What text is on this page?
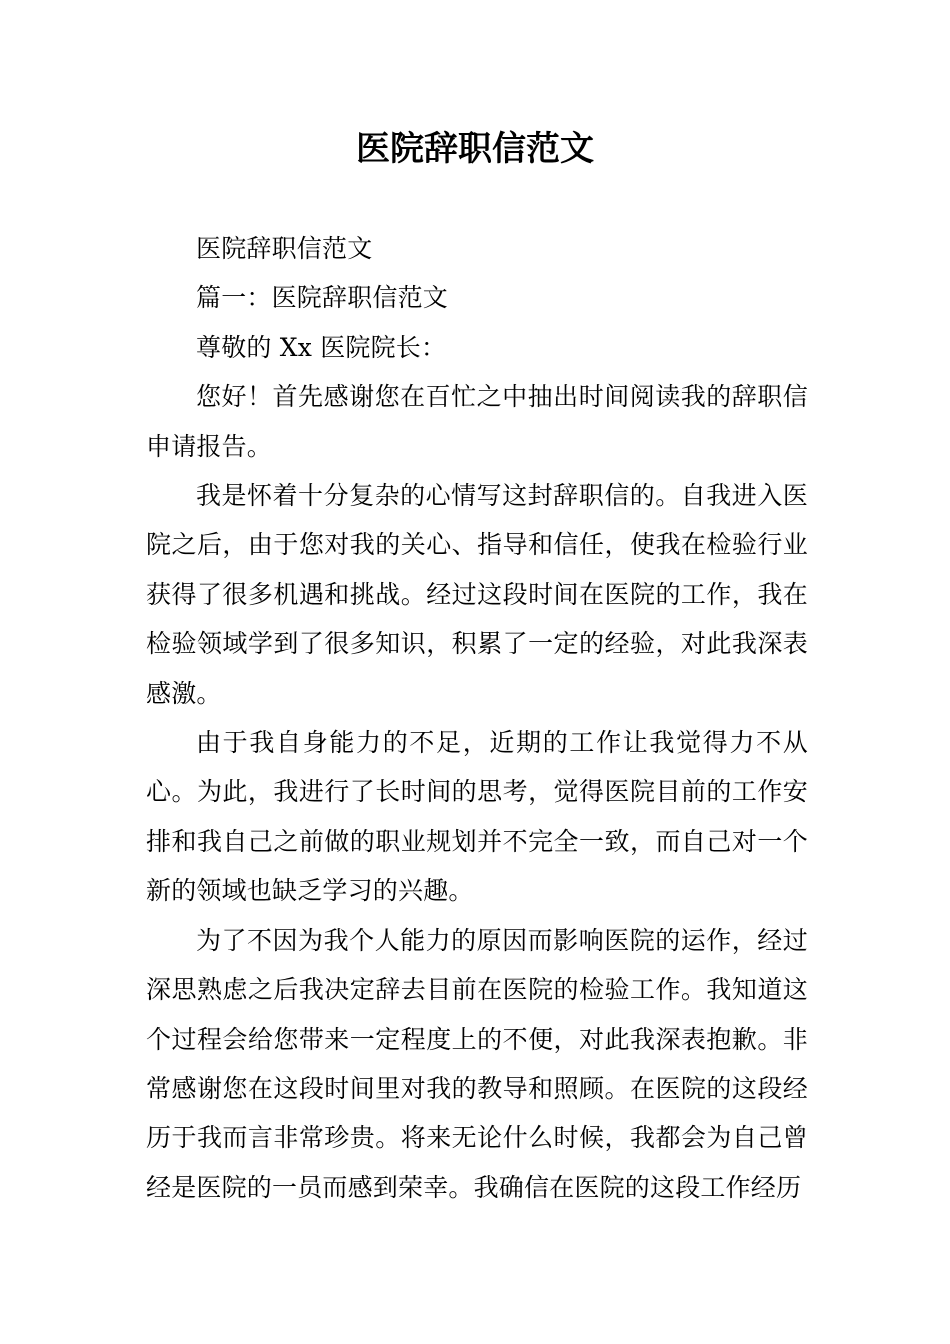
医院辞职信范文

医院辞职信范文

篇一：医院辞职信范文

尊敬的 Xx 医院院长：

您好！首先感谢您在百忙之中抽出时间阅读我的辞职信申请报告。

我是怀着十分复杂的心情写这封辞职信的。自我进入医院之后，由于您对我的关心、指导和信任，使我在检验行业获得了很多机遇和挑战。经过这段时间在医院的工作，我在检验领域学到了很多知识，积累了一定的经验，对此我深表感激。

由于我自身能力的不足，近期的工作让我觉得力不从心。为此，我进行了长时间的思考，觉得医院目前的工作安排和我自己之前做的职业规划并不完全一致，而自己对一个新的领域也缺乏学习的兴趣。

为了不因为我个人能力的原因而影响医院的运作，经过深思熟虑之后我决定辞去目前在医院的检验工作。我知道这个过程会给您带来一定程度上的不便，对此我深表抱歉。非常感谢您在这段时间里对我的教导和照顾。在医院的这段经历于我而言非常珍贵。将来无论什么时候，我都会为自己曾经是医院的一员而感到荣幸。我确信在医院的这段工作经历
